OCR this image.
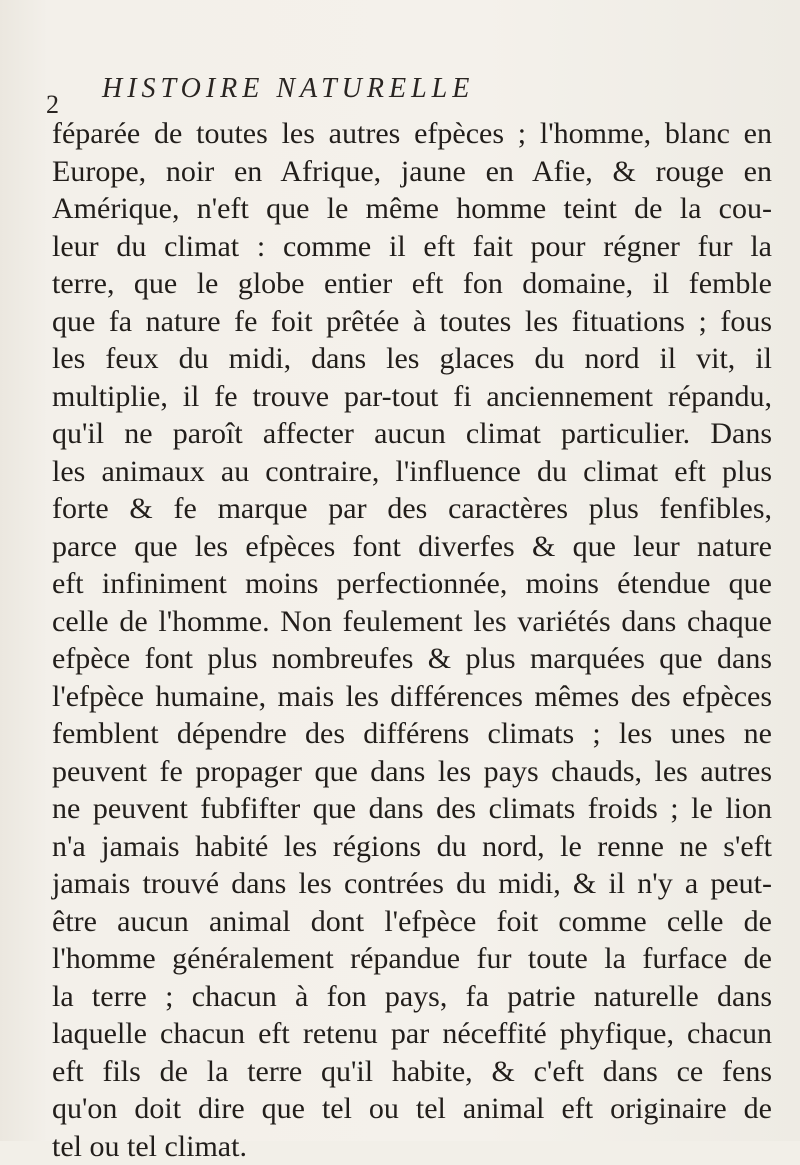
2
HISTOIRE NATURELLE
féparée de toutes les autres efpèces ; l'homme, blanc en
Europe, noir en Afrique, jaune en Afie, & rouge en
Amérique, n'eft que le même homme teint de la cou-
leur du climat : comme il eft fait pour régner fur la
terre, que le globe entier eft fon domaine, il femble
que fa nature fe foit prêtée à toutes les fituations ; fous
les feux du midi, dans les glaces du nord il vit, il
multiplie, il fe trouve par-tout fi anciennement répandu,
qu'il ne paroît affecter aucun climat particulier. Dans
les animaux au contraire, l'influence du climat eft plus
forte & fe marque par des caractères plus fenfibles,
parce que les efpèces font diverfes & que leur nature
eft infiniment moins perfectionnée, moins étendue que
celle de l'homme. Non feulement les variétés dans chaque
efpèce font plus nombreufes & plus marquées que dans
l'efpèce humaine, mais les différences mêmes des efpèces
femblent dépendre des différens climats ; les unes ne
peuvent fe propager que dans les pays chauds, les autres
ne peuvent fubfifter que dans des climats froids ; le lion
n'a jamais habité les régions du nord, le renne ne s'eft
jamais trouvé dans les contrées du midi, & il n'y a peut-
être aucun animal dont l'efpèce foit comme celle de
l'homme généralement répandue fur toute la furface de
la terre ; chacun à fon pays, fa patrie naturelle dans
laquelle chacun eft retenu par néceffité phyfique, chacun
eft fils de la terre qu'il habite, & c'eft dans ce fens
qu'on doit dire que tel ou tel animal eft originaire de
tel ou tel climat.
